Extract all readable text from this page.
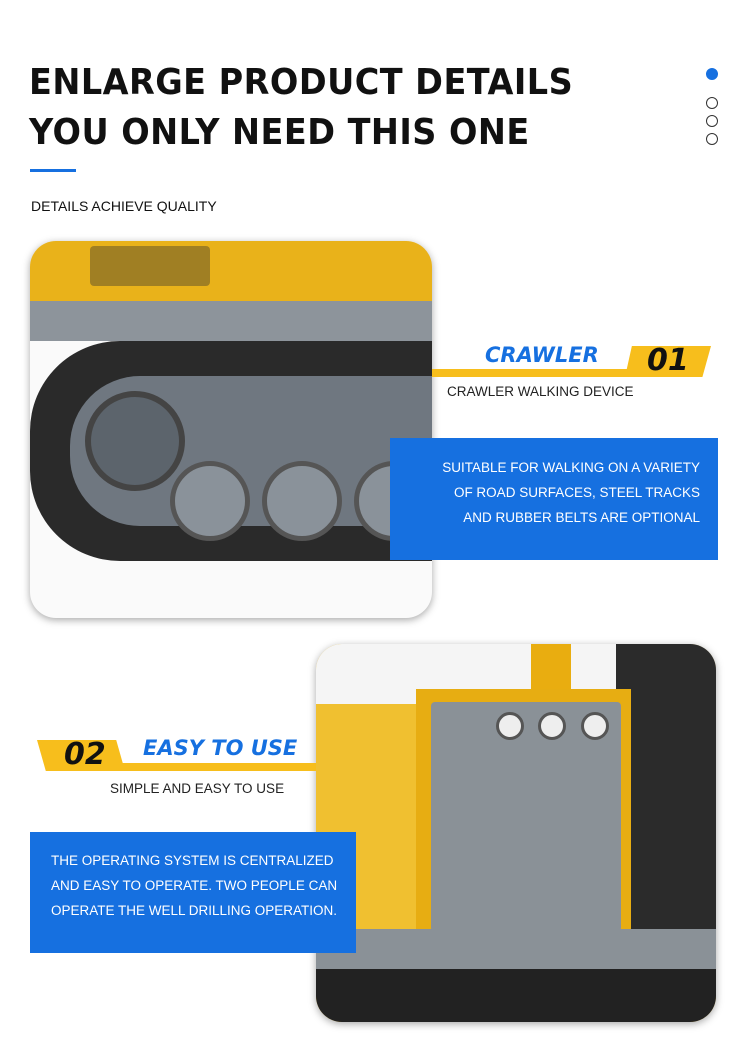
ENLARGE PRODUCT DETAILS
YOU ONLY NEED THIS ONE
DETAILS ACHIEVE QUALITY
CRAWLER 01
CRAWLER WALKING DEVICE
SUITABLE FOR WALKING ON A VARIETY
OF ROAD SURFACES, STEEL TRACKS
AND RUBBER BELTS ARE OPTIONAL
02 EASY TO USE
SIMPLE AND EASY TO USE
THE OPERATING SYSTEM IS CENTRALIZED
AND EASY TO OPERATE. TWO PEOPLE CAN
OPERATE THE WELL DRILLING OPERATION.
